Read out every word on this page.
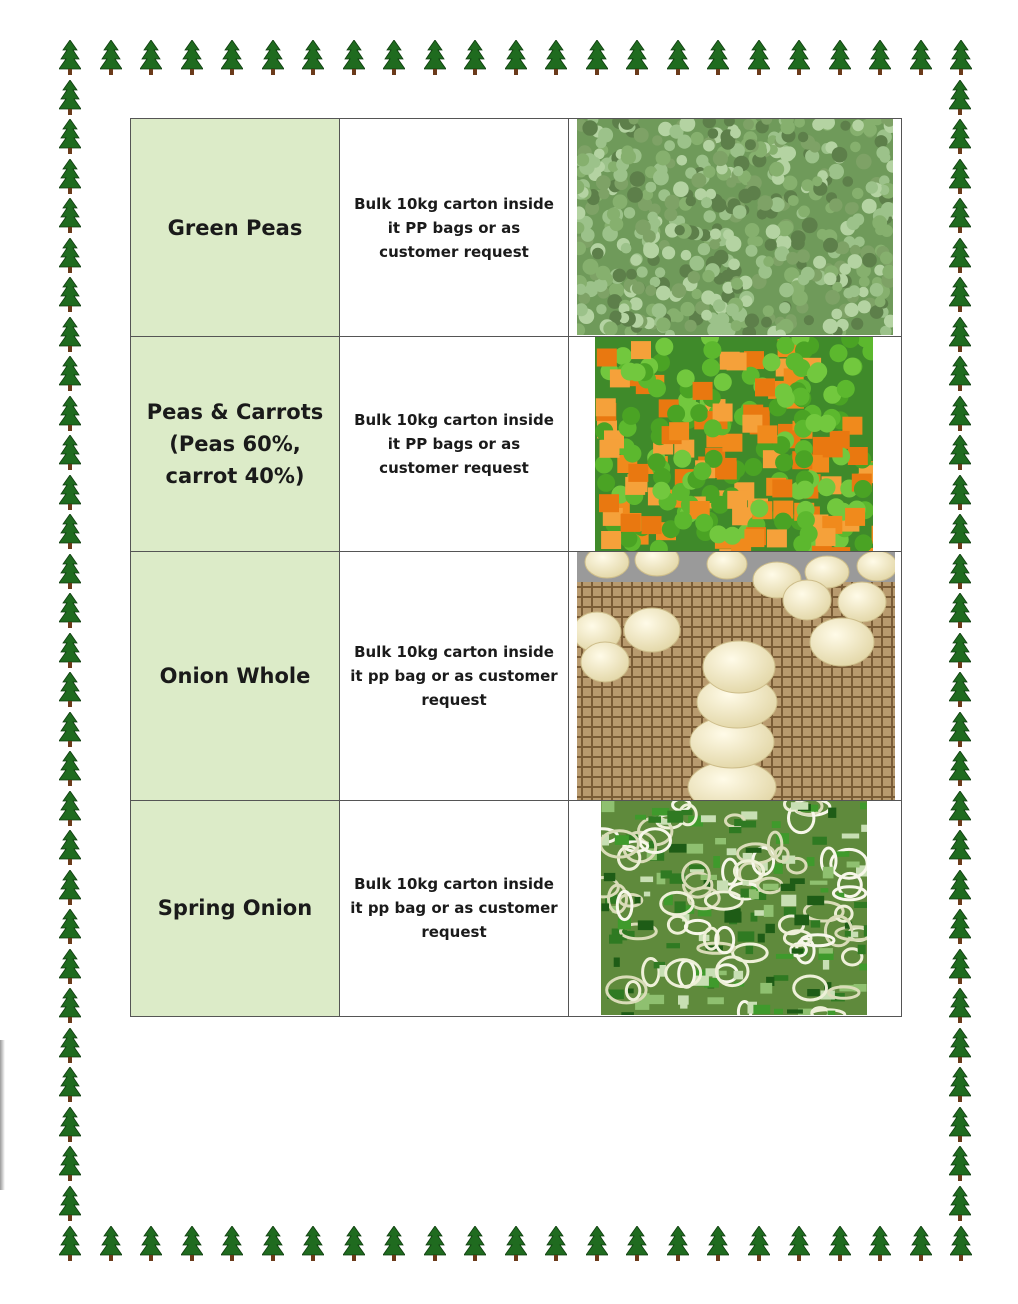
Green Peas	Bulk 10kg carton inside it PP bags or as customer request	

Peas & Carrots (Peas 60%, carrot 40%)	Bulk 10kg carton inside it PP bags or as customer request	

Onion Whole	Bulk 10kg carton inside it pp bag or as customer request	

Spring Onion	Bulk 10kg carton inside it pp bag or as customer request	
